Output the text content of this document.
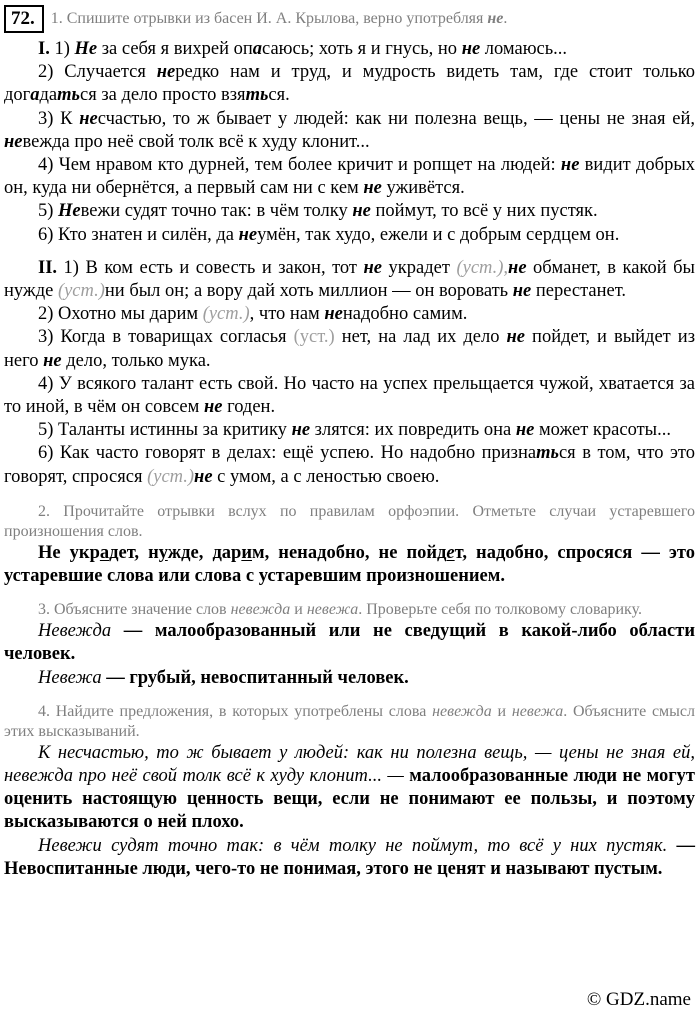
72.	1. Спишите отрывки из басен И. А. Крылова, верно употребляя не.

I. 1) Не за себя я вихрей опасаюсь; хоть я и гнусь, но не ломаюсь...

2) Случается нередко нам и труд, и мудрость видеть там, где стоит только догадаться за дело просто взяться.

3) К несчастью, то ж бывает у людей: как ни полезна вещь, — цены не зная ей, невежда про неё свой толк всё к худу клонит...

4) Чем нравом кто дурней, тем более кричит и ропщет на людей: не видит добрых он, куда ни обернётся, а первый сам ни с кем не уживётся.

5) Невежи судят точно так: в чём толку не поймут, то всё у них пустяк.

6) Кто знатен и силён, да неумён, так худо, ежели и с добрым сердцем он.

II. 1) В ком есть и совесть и закон, тот не украдет (уст.),не обманет, в какой бы нужде (уст.)ни был он; а вору дай хоть миллион — он воровать не перестанет.

2) Охотно мы дарим (уст.), что нам ненадобно самим.

3) Когда в товарищах согласья (уст.) нет, на лад их дело не пойдет, и выйдет из него не дело, только мука.

4) У всякого талант есть свой. Но часто на успех прельщается чужой, хватается за то иной, в чём он совсем не годен.

5) Таланты истинны за критику не злятся: их повредить она не может красоты...

6) Как часто говорят в делах: ещё успею. Но надобно признаться в том, что это говорят, спросяся (уст.)не с умом, а с леностью своею.

2. Прочитайте отрывки вслух по правилам орфоэпии. Отметьте случаи устаревшего произношения слов.

Не украдет, нужде, дарим, ненадобно, не пойдет, надобно, спросяся — это устаревшие слова или слова с устаревшим произношением.

3. Объясните значение слов невежда и невежа. Проверьте себя по толковому словарику.

Невежда — малообразованный или не сведущий в какой-либо области человек.

Невежа — грубый, невоспитанный человек.

4. Найдите предложения, в которых употреблены слова невежда и невежа. Объясните смысл этих высказываний.

К несчастью, то ж бывает у людей: как ни полезна вещь, — цены не зная ей, невежда про неё свой толк всё к худу клонит... — малообразованные люди не могут оценить настоящую ценность вещи, если не понимают ее пользы, и поэтому высказываются о ней плохо.

Невежи судят точно так: в чём толку не поймут, то всё у них пустяк. — Невоспитанные люди, чего-то не понимая, этого не ценят и называют пустым.

© GDZ.name
